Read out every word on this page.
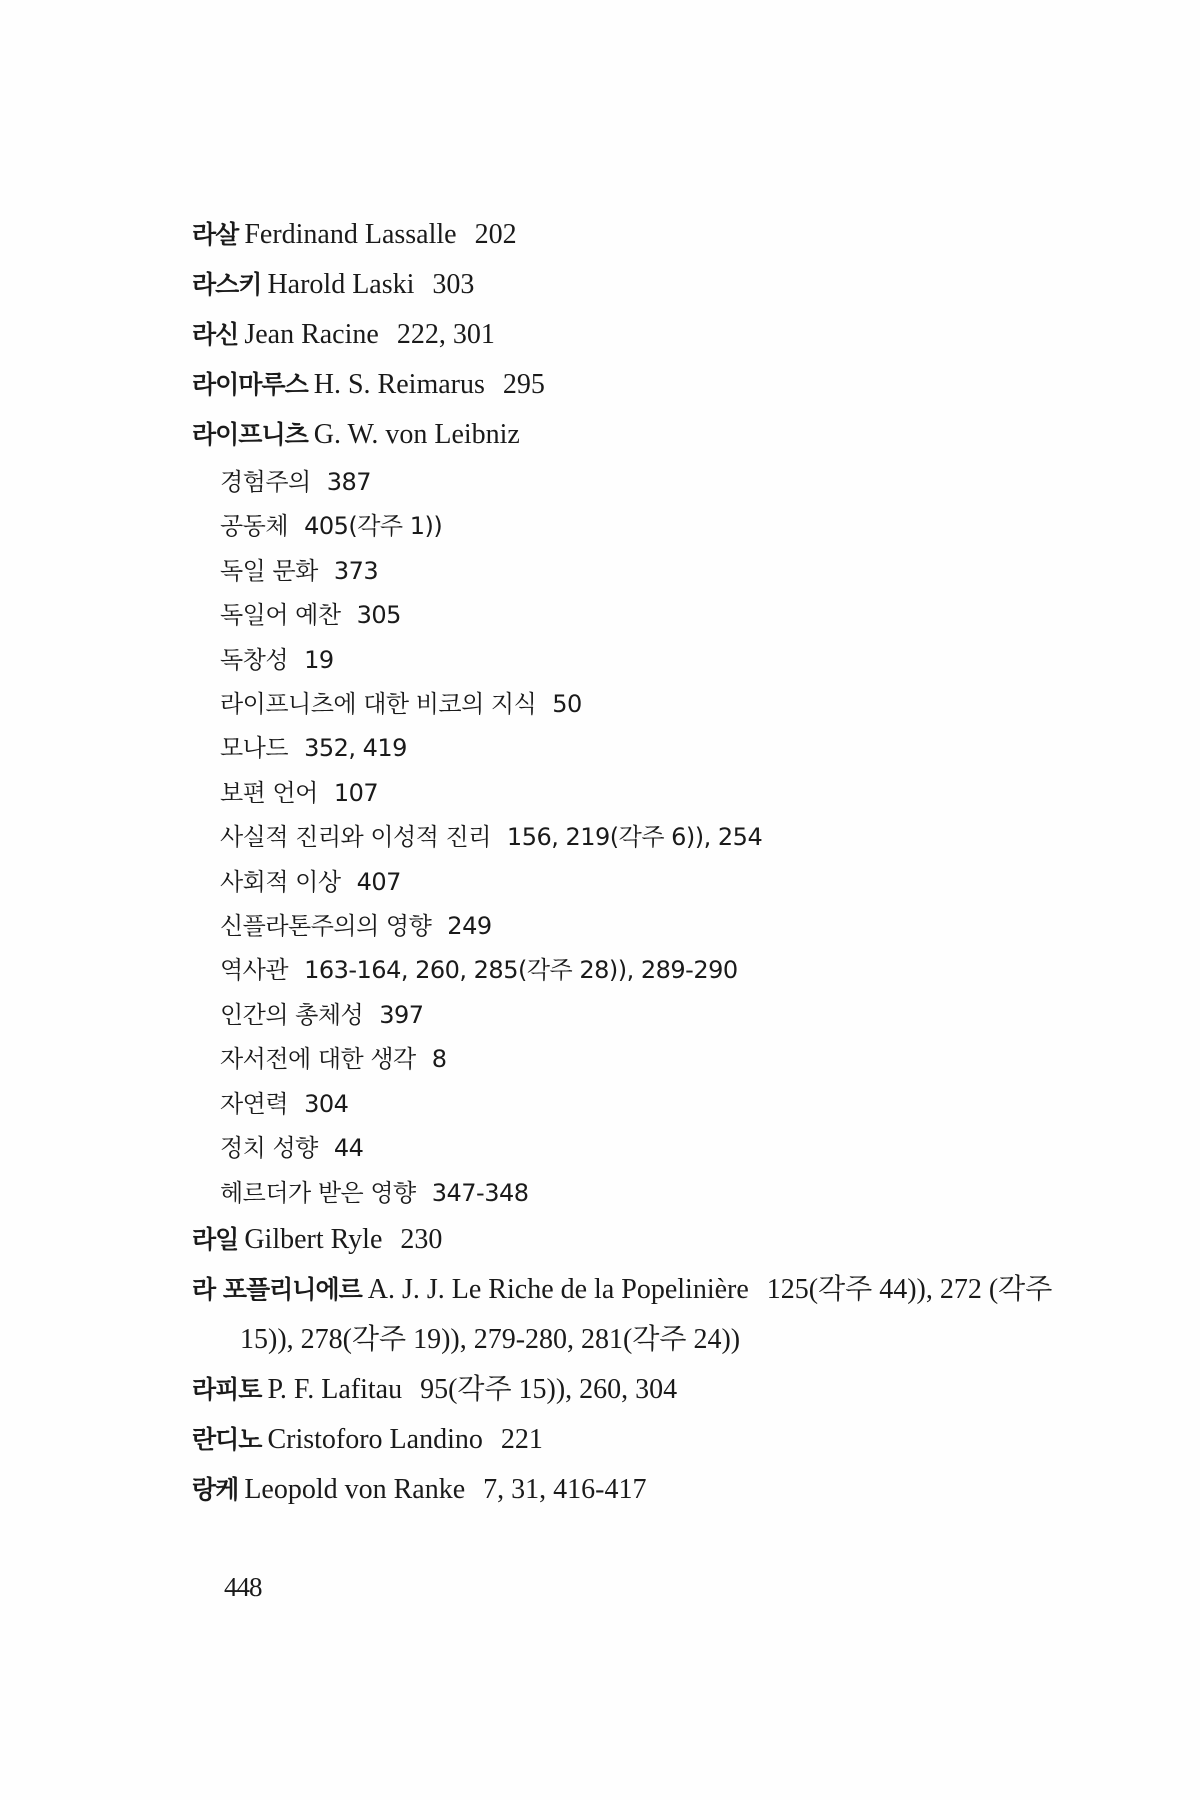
라살 Ferdinand Lassalle 202
라스키 Harold Laski 303
라신 Jean Racine 222, 301
라이마루스 H. S. Reimarus 295
라이프니츠 G. W. von Leibniz
경험주의 387
공동체 405(각주 1))
독일 문화 373
독일어 예찬 305
독창성 19
라이프니츠에 대한 비코의 지식 50
모나드 352, 419
보편 언어 107
사실적 진리와 이성적 진리 156, 219(각주 6)), 254
사회적 이상 407
신플라톤주의의 영향 249
역사관 163-164, 260, 285(각주 28)), 289-290
인간의 총체성 397
자서전에 대한 생각 8
자연력 304
정치 성향 44
헤르더가 받은 영향 347-348
라일 Gilbert Ryle 230
라 포플리니에르 A. J. J. Le Riche de la Popelinière 125(각주 44)), 272 (각주 15)), 278(각주 19)), 279-280, 281(각주 24))
라피토 P. F. Lafitau 95(각주 15)), 260, 304
란디노 Cristoforo Landino 221
랑케 Leopold von Ranke 7, 31, 416-417
448
